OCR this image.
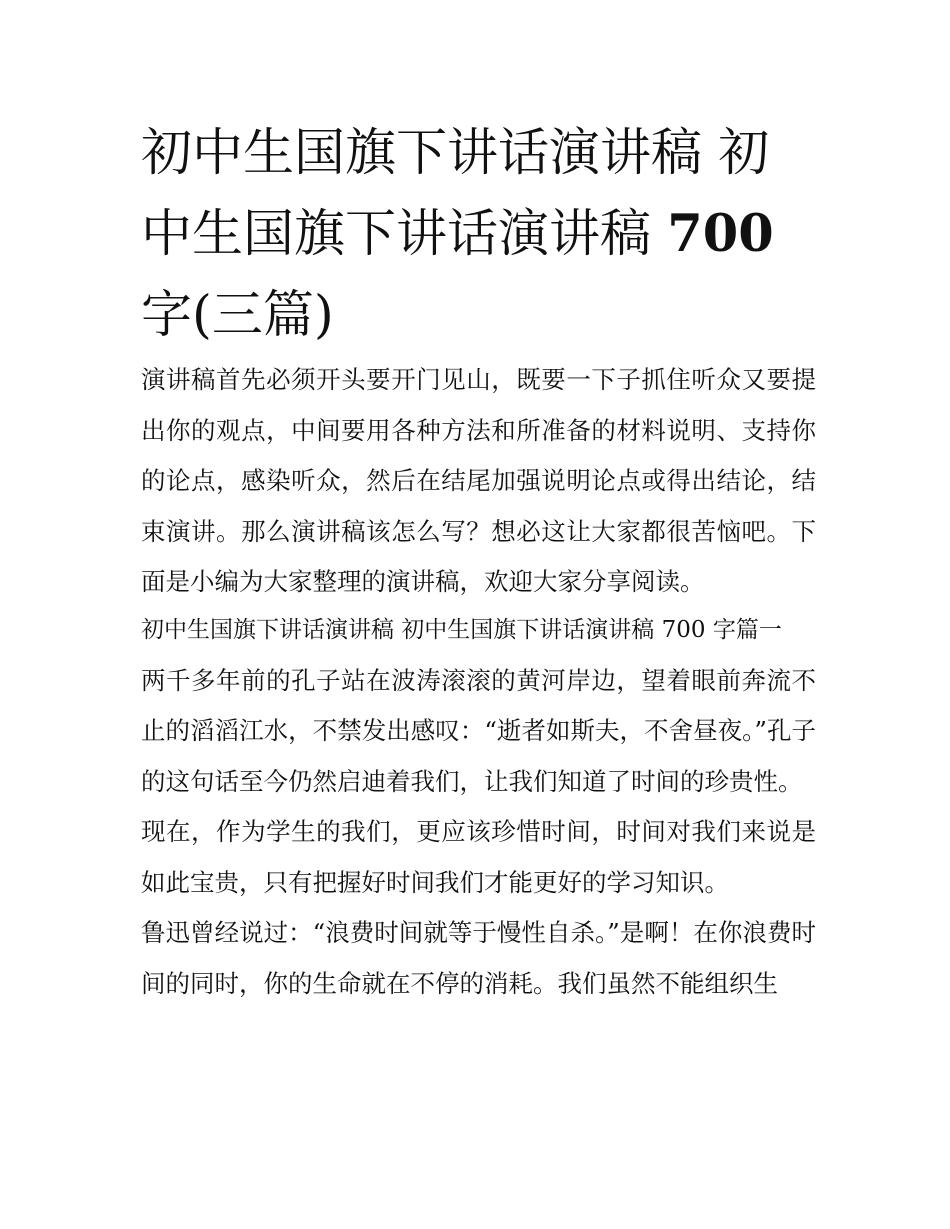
初中生国旗下讲话演讲稿 初中生国旗下讲话演讲稿 700 字(三篇)

演讲稿首先必须开头要开门见山，既要一下子抓住听众又要提出你的观点，中间要用各种方法和所准备的材料说明、支持你的论点，感染听众，然后在结尾加强说明论点或得出结论，结束演讲。那么演讲稿该怎么写？想必这让大家都很苦恼吧。下面是小编为大家整理的演讲稿，欢迎大家分享阅读。

初中生国旗下讲话演讲稿 初中生国旗下讲话演讲稿 700 字篇一

两千多年前的孔子站在波涛滚滚的黄河岸边，望着眼前奔流不止的滔滔江水，不禁发出感叹：“逝者如斯夫，不舍昼夜。”孔子的这句话至今仍然启迪着我们，让我们知道了时间的珍贵性。

现在，作为学生的我们，更应该珍惜时间，时间对我们来说是如此宝贵，只有把握好时间我们才能更好的学习知识。

鲁迅曾经说过：“浪费时间就等于慢性自杀。”是啊！在你浪费时间的同时，你的生命就在不停的消耗。我们虽然不能组织生
